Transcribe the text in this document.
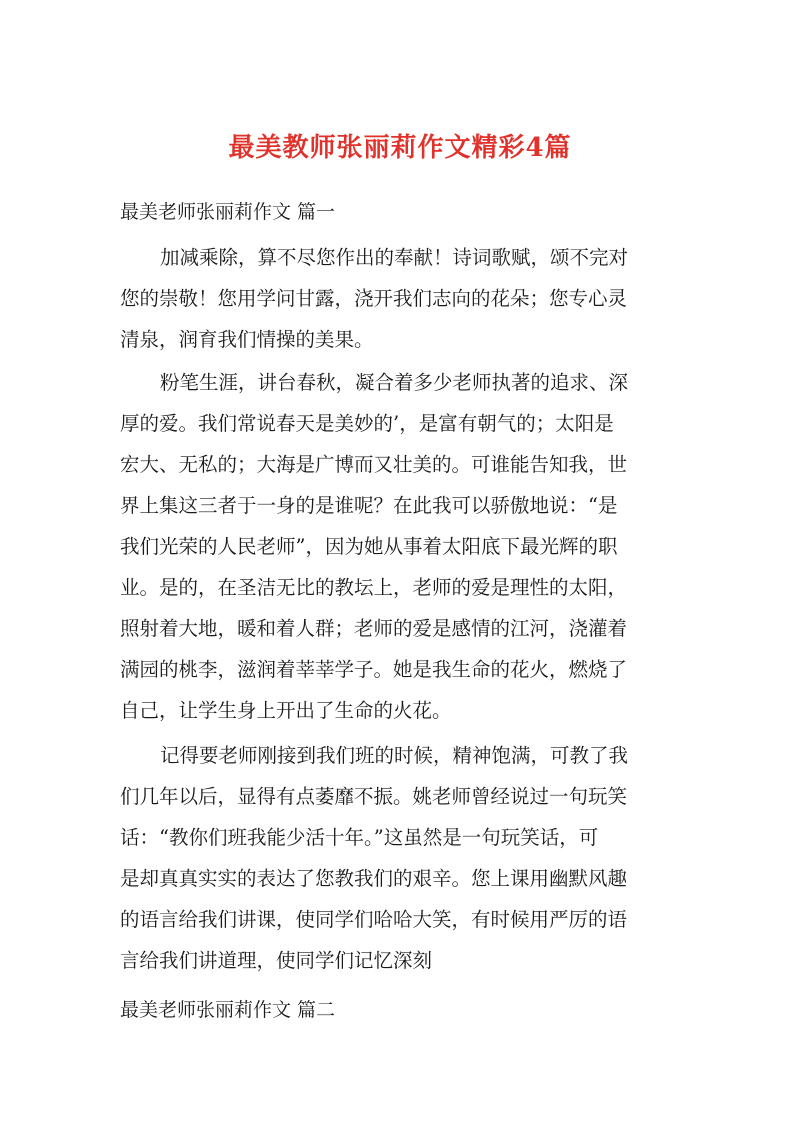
最美教师张丽莉作文精彩4篇
最美老师张丽莉作文 篇一
加减乘除，算不尽您作出的奉献！诗词歌赋，颂不完对
您的崇敬！您用学问甘露，浇开我们志向的花朵；您专心灵
清泉，润育我们情操的美果。
粉笔生涯，讲台春秋，凝合着多少老师执著的追求、深
厚的爱。我们常说春天是美妙的’，是富有朝气的；太阳是
宏大、无私的；大海是广博而又壮美的。可谁能告知我，世
界上集这三者于一身的是谁呢？在此我可以骄傲地说：“是
我们光荣的人民老师”，因为她从事着太阳底下最光辉的职
业。是的，在圣洁无比的教坛上，老师的爱是理性的太阳，
照射着大地，暖和着人群；老师的爱是感情的江河，浇灌着
满园的桃李，滋润着莘莘学子。她是我生命的花火，燃烧了
自己，让学生身上开出了生命的火花。
记得要老师刚接到我们班的时候，精神饱满，可教了我
们几年以后，显得有点萎靡不振。姚老师曾经说过一句玩笑
话：“教你们班我能少活十年。”这虽然是一句玩笑话，可
是却真真实实的表达了您教我们的艰辛。您上课用幽默风趣
的语言给我们讲课，使同学们哈哈大笑，有时候用严厉的语
言给我们讲道理，使同学们记忆深刻
最美老师张丽莉作文 篇二
